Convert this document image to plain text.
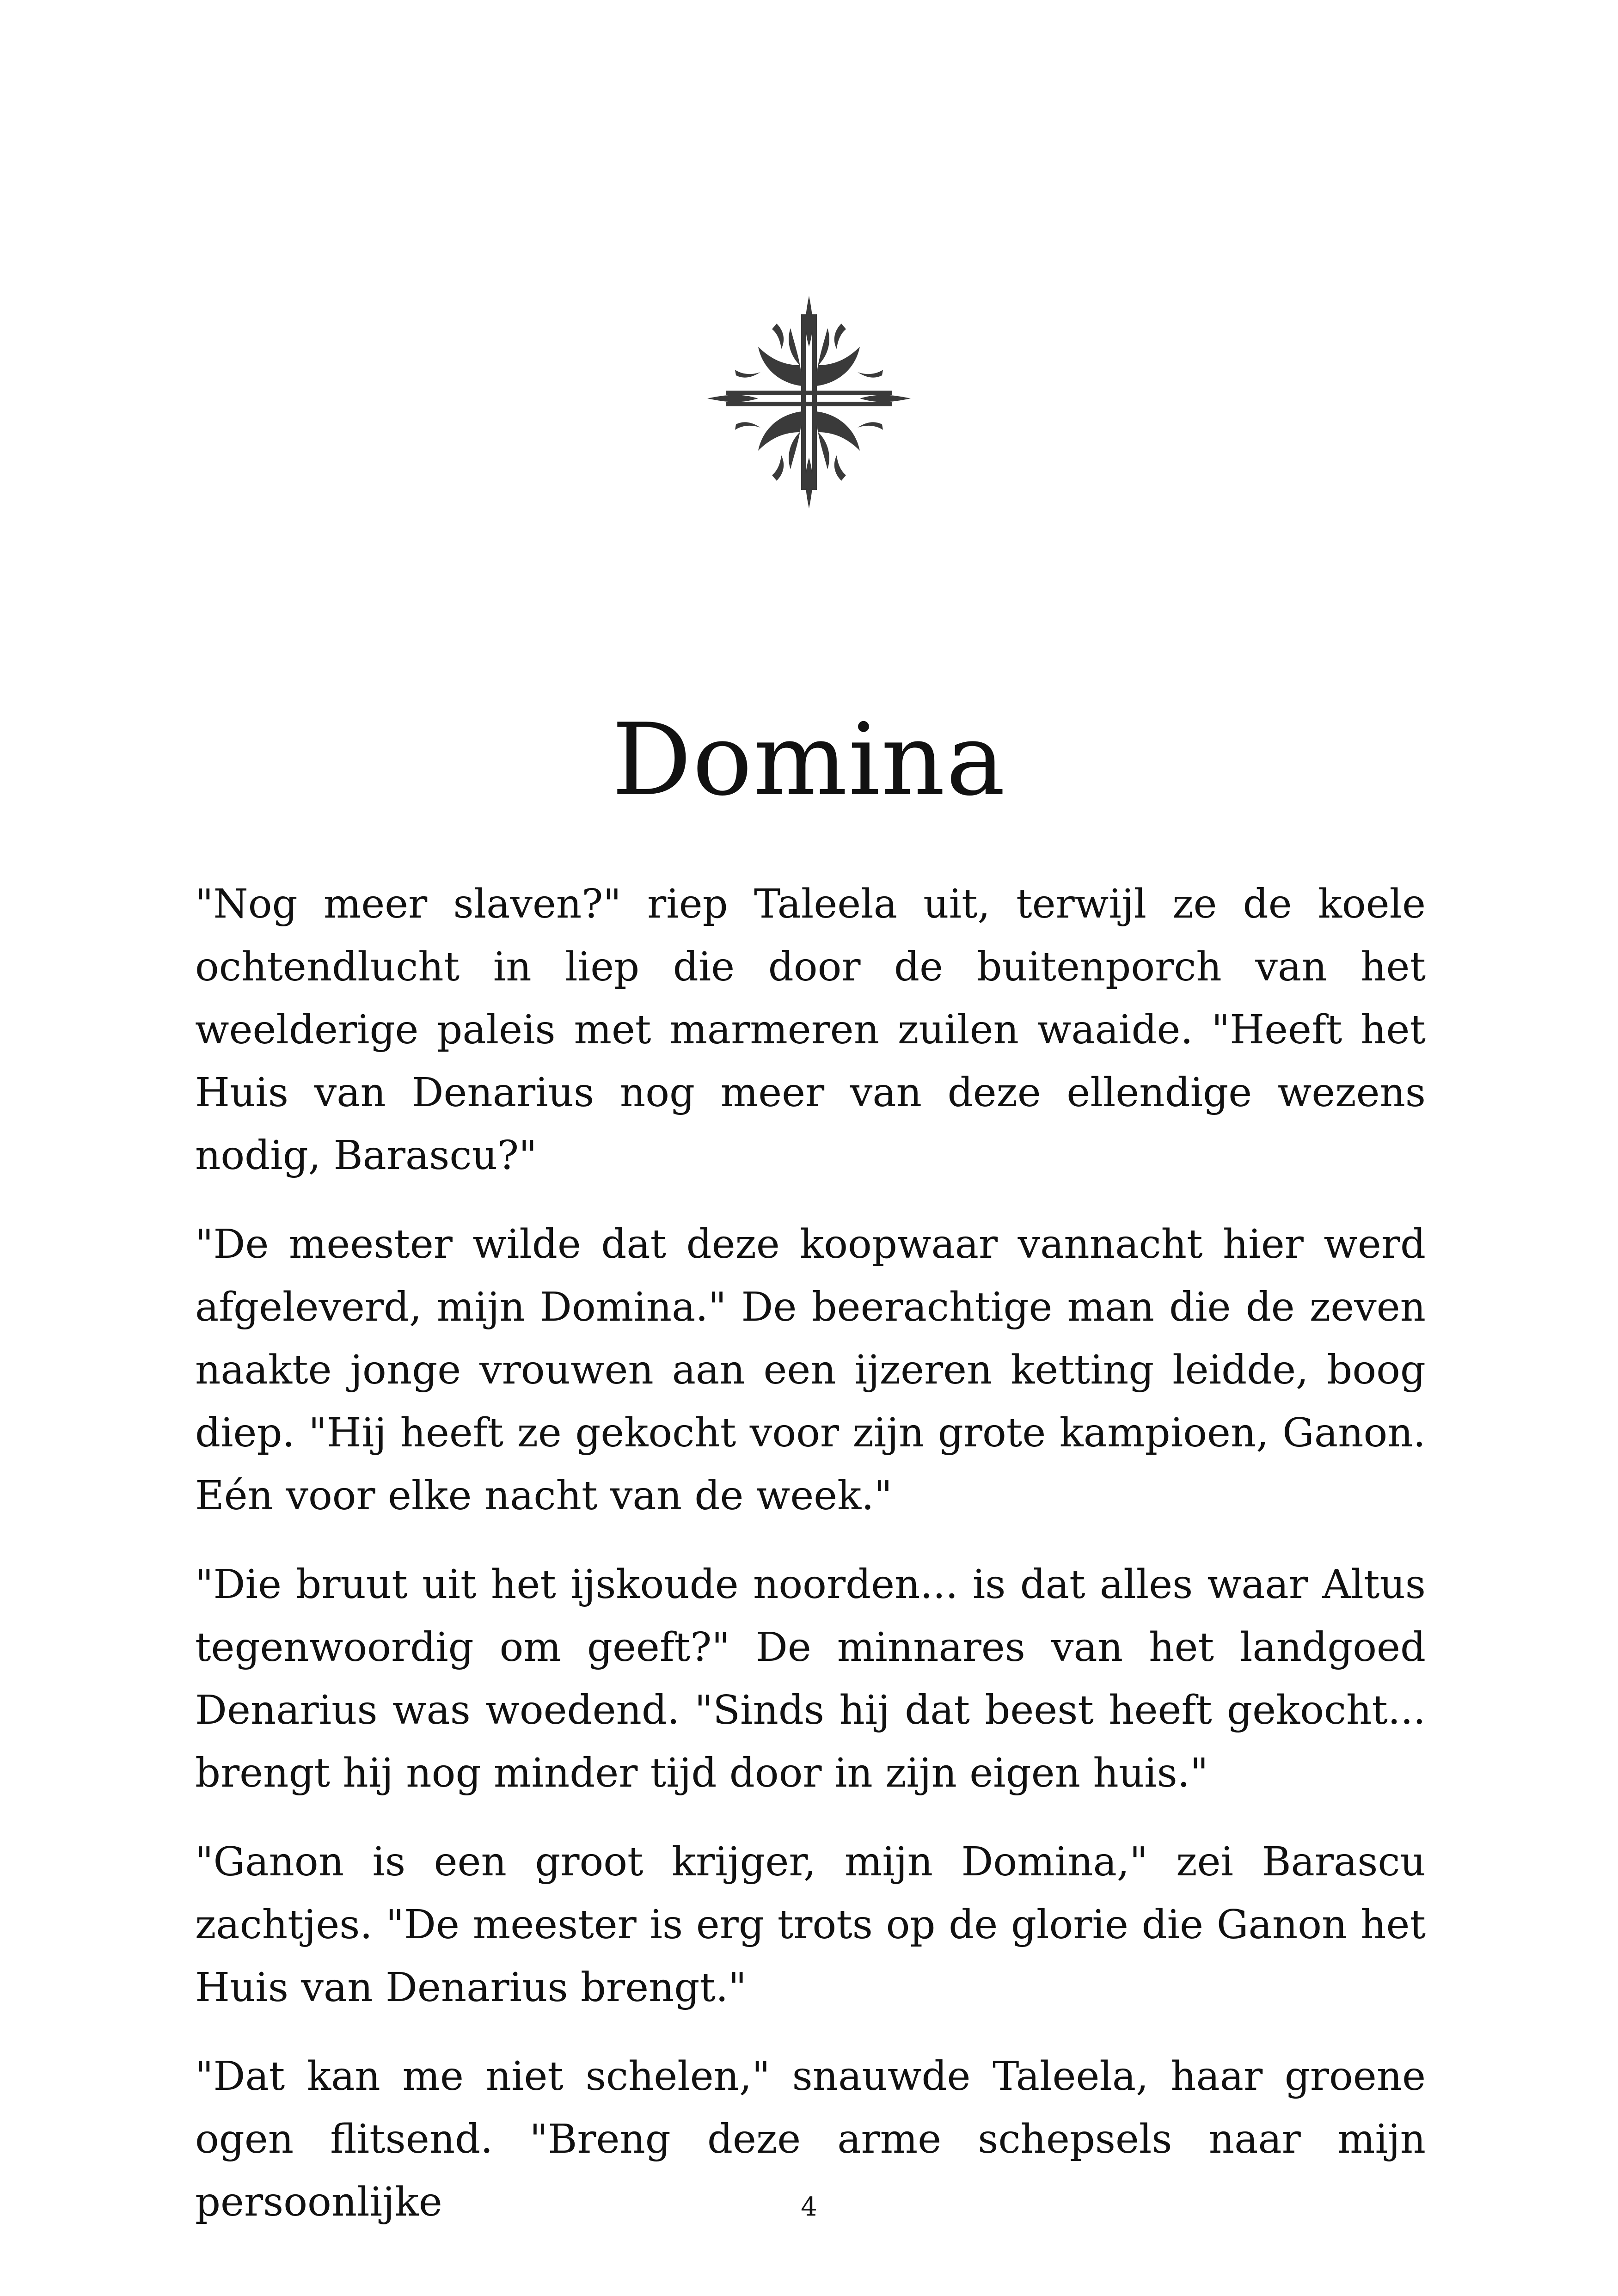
Domina

"Nog meer slaven?" riep Taleela uit, terwijl ze de koele ochtendlucht in liep die door de buitenporch van het weelderige paleis met marmeren zuilen waaide. "Heeft het Huis van Denarius nog meer van deze ellendige wezens nodig, Barascu?"

"De meester wilde dat deze koopwaar vannacht hier werd afgeleverd, mijn Domina." De beerachtige man die de zeven naakte jonge vrouwen aan een ijzeren ketting leidde, boog diep. "Hij heeft ze gekocht voor zijn grote kampioen, Ganon. Eén voor elke nacht van de week."

"Die bruut uit het ijskoude noorden... is dat alles waar Altus tegenwoordig om geeft?" De minnares van het landgoed Denarius was woedend. "Sinds hij dat beest heeft gekocht... brengt hij nog minder tijd door in zijn eigen huis."

"Ganon is een groot krijger, mijn Domina," zei Barascu zachtjes. "De meester is erg trots op de glorie die Ganon het Huis van Denarius brengt."

"Dat kan me niet schelen," snauwde Taleela, haar groene ogen flitsend. "Breng deze arme schepsels naar mijn persoonlijke	4
